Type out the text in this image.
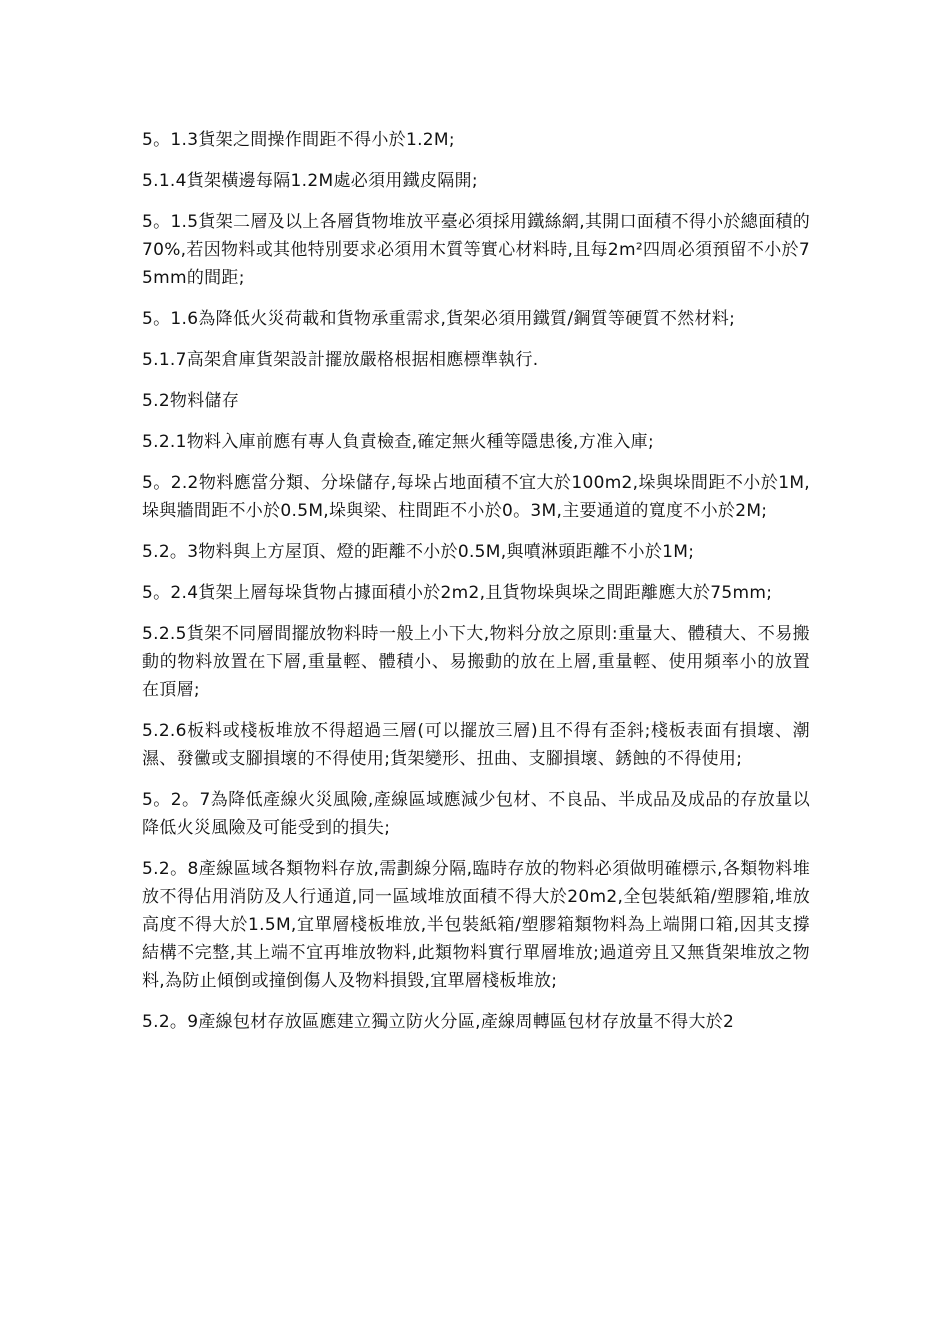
5。1.3貨架之間操作間距不得小於1.2M;

5.1.4貨架橫邊每隔1.2M處必須用鐵皮隔開;

5。1.5貨架二層及以上各層貨物堆放平臺必須採用鐵絲網,其開口面積不得小於總面積的70%,若因物料或其他特別要求必須用木質等實心材料時,且每2m²四周必須預留不小於75mm的間距;

5。1.6為降低火災荷載和貨物承重需求,貨架必須用鐵質/鋼質等硬質不然材料;

5.1.7高架倉庫貨架設計擺放嚴格根据相應標準執行.

5.2物料儲存

5.2.1物料入庫前應有專人負責檢查,確定無火種等隱患後,方准入庫;

5。2.2物料應當分類、分垛儲存,每垛占地面積不宜大於100m2,垛與垛間距不小於1M,垛與牆間距不小於0.5M,垛與梁、柱間距不小於0。3M,主要通道的寬度不小於2M;

5.2。3物料與上方屋頂、燈的距離不小於0.5M,與噴淋頭距離不小於1M;

5。2.4貨架上層每垛貨物占據面積小於2m2,且貨物垛與垛之間距離應大於75mm;

5.2.5貨架不同層間擺放物料時一般上小下大,物料分放之原則:重量大、體積大、不易搬動的物料放置在下層,重量輕、體積小、易搬動的放在上層,重量輕、使用頻率小的放置在頂層;

5.2.6板料或棧板堆放不得超過三層(可以擺放三層)且不得有歪斜;棧板表面有損壞、潮濕、發黴或支腳損壞的不得使用;貨架變形、扭曲、支腳損壞、銹蝕的不得使用;

5。2。7為降低產線火災風險,產線區域應減少包材、不良品、半成品及成品的存放量以降低火災風險及可能受到的損失;

5.2。8產線區域各類物料存放,需劃線分隔,臨時存放的物料必須做明確標示,各類物料堆放不得佔用消防及人行通道,同一區域堆放面積不得大於20m2,全包裝紙箱/塑膠箱,堆放高度不得大於1.5M,宜單層棧板堆放,半包裝紙箱/塑膠箱類物料為上端開口箱,因其支撐結構不完整,其上端不宜再堆放物料,此類物料實行單層堆放;過道旁且又無貨架堆放之物料,為防止傾倒或撞倒傷人及物料損毀,宜單層棧板堆放;

5.2。9產線包材存放區應建立獨立防火分區,產線周轉區包材存放量不得大於2
